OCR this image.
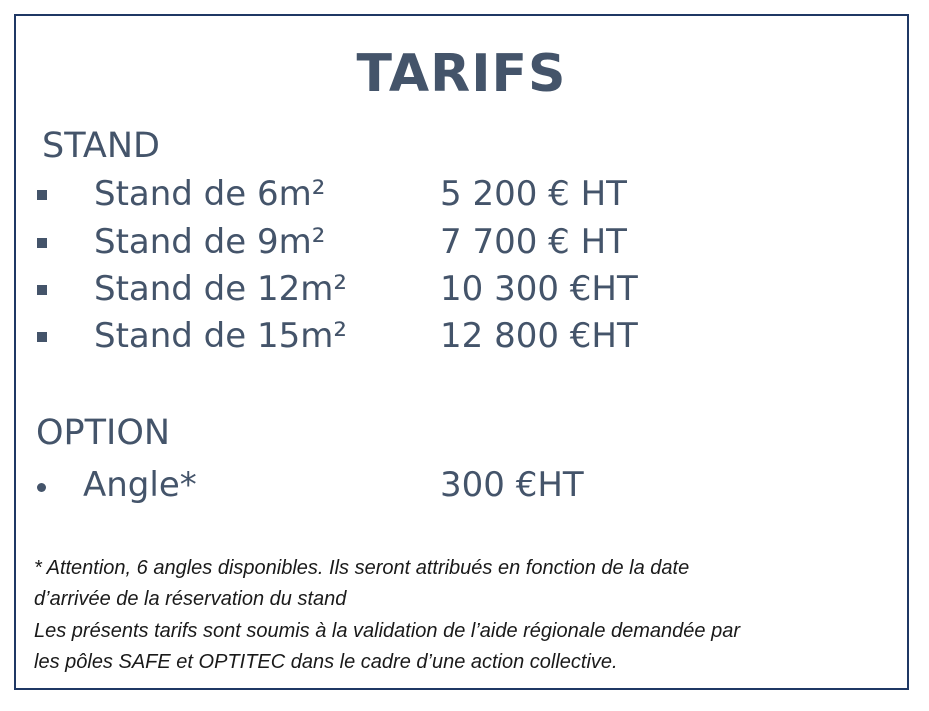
TARIFS
STAND
Stand de 6m²	5 200 € HT
Stand de 9m²	7 700 € HT
Stand de 12m²	10 300 €HT
Stand de 15m²	12 800 €HT
OPTION
Angle*	300 €HT
* Attention, 6 angles disponibles. Ils seront attribués en fonction de la date
d’arrivée de la réservation du stand
Les présents tarifs sont soumis à la validation de l’aide régionale demandée par
les pôles SAFE et OPTITEC dans le cadre d’une action collective.
